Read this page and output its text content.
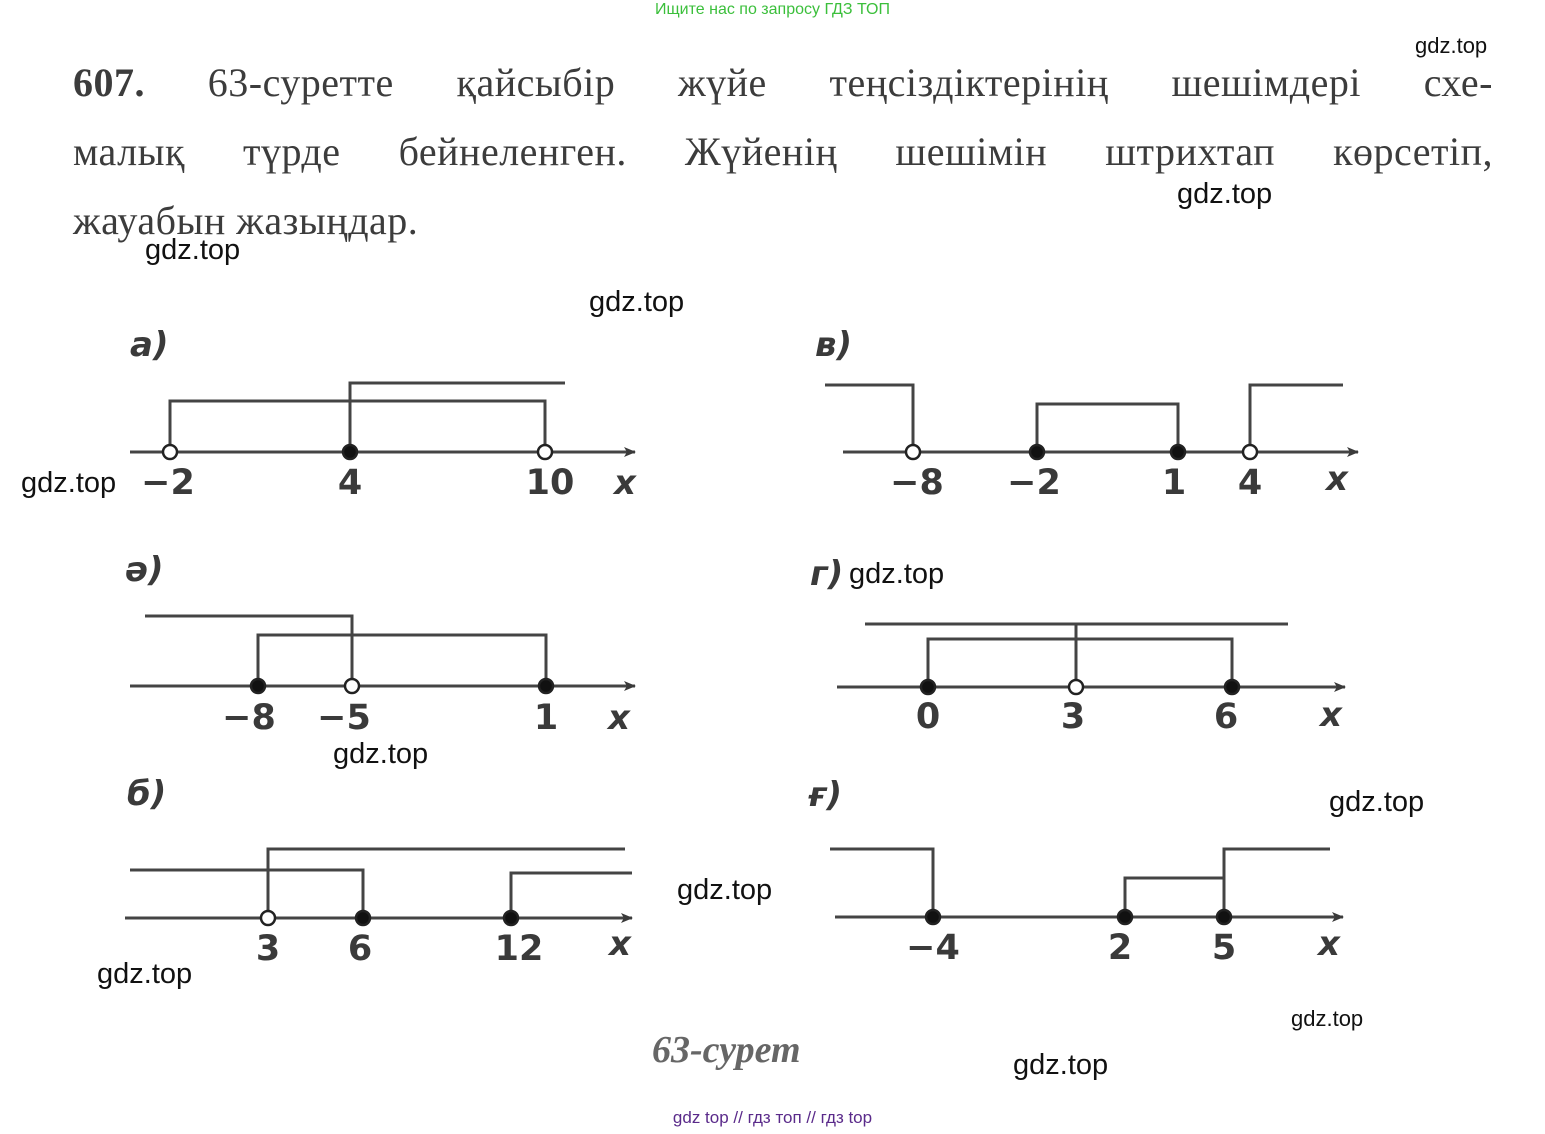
Ищите нас по запросу ГДЗ ТОП

607. 63-суретте қайсыбір жүйе теңсіздіктерінің шешімдері схе-

малық түрде бейнеленген. Жүйенің шешімін штрихтап көрсетіп,

жауабын жазыңдар.

а)
ә)
б)
в)
г)
ғ)
−2	4	10 x
−8 −5	1 x
3 6	12 x
−8 −2	1 4 x
0	3	6 x
−4	2 5 x
63-сурет
gdz.top
gdz.top
gdz.top
gdz.top
gdz.top
gdz.top
gdz.top
gdz.top
gdz.top
gdz.top
gdz.top
gdz.top
gdz top // гдз топ // гдз top
